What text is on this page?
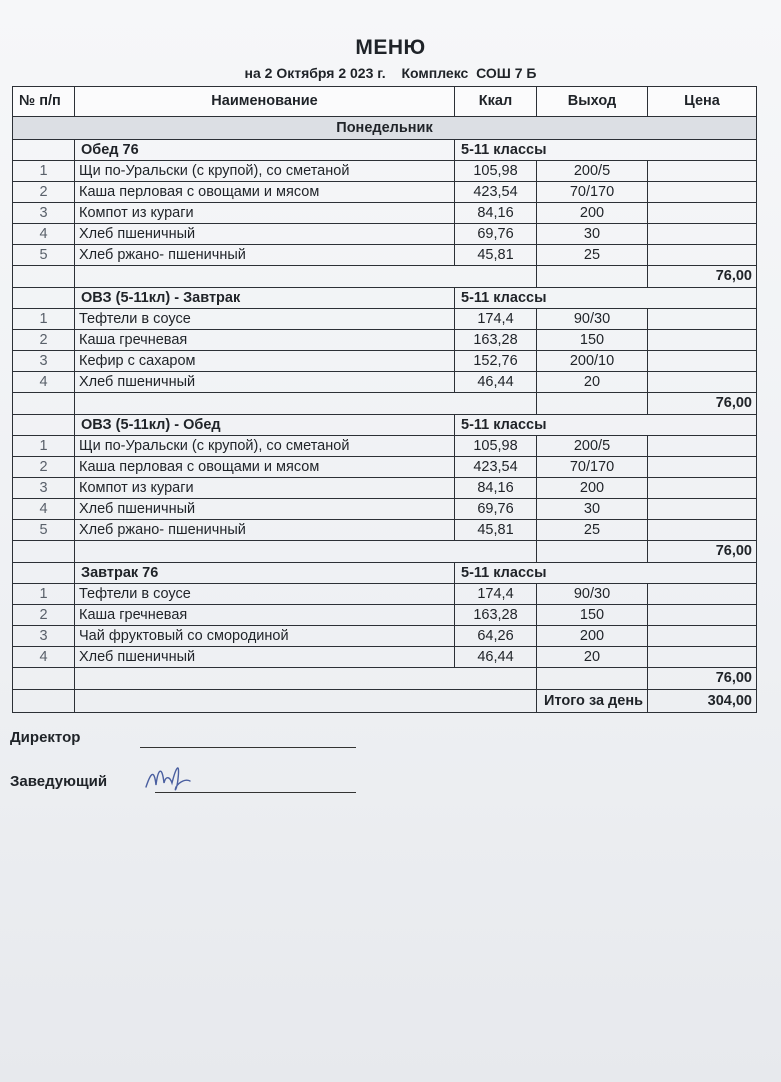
МЕНЮ
на 2 Октября 2 023 г. Комплекс  СОШ 7 Б
№ п/п	Наименование	Ккал	Выход	Цена
Понедельник				
	Обед 76	5-11 классы		
1	Щи по-Уральски (с крупой), со сметаной	105,98	200/5	
2	Каша перловая с овощами и мясом	423,54	70/170	
3	Компот из кураги	84,16	200	
4	Хлеб пшеничный	69,76	30	
5	Хлеб ржано- пшеничный	45,81	25	
				76,00
	ОВЗ (5-11кл) - Завтрак	5-11 классы		
1	Тефтели в соусе	174,4	90/30	
2	Каша гречневая	163,28	150	
3	Кефир с сахаром	152,76	200/10	
4	Хлеб пшеничный	46,44	20	
				76,00
	ОВЗ (5-11кл) - Обед	5-11 классы		
1	Щи по-Уральски (с крупой), со сметаной	105,98	200/5	
2	Каша перловая с овощами и мясом	423,54	70/170	
3	Компот из кураги	84,16	200	
4	Хлеб пшеничный	69,76	30	
5	Хлеб ржано- пшеничный	45,81	25	
				76,00
	Завтрак 76	5-11 классы		
1	Тефтели в соусе	174,4	90/30	
2	Каша гречневая	163,28	150	
3	Чай фруктовый со смородиной	64,26	200	
4	Хлеб пшеничный	46,44	20	
				76,00
			Итого за день	304,00
Директор
Заведующий
